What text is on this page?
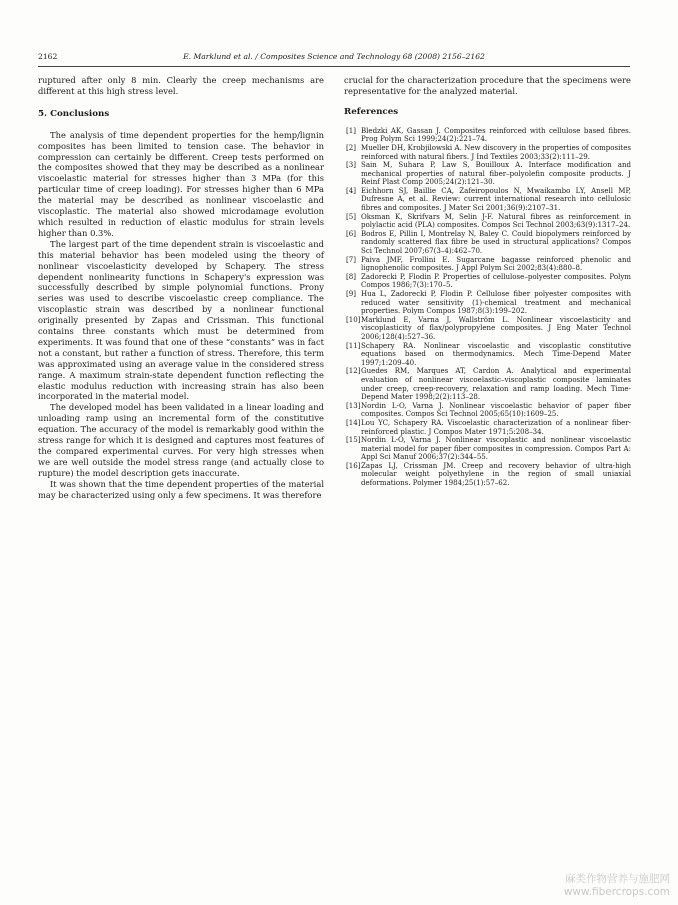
2162	E. Marklund et al. / Composites Science and Technology 68 (2008) 2156–2162

ruptured after only 8 min. Clearly the creep mechanisms are different at this high stress level.

5. Conclusions

The analysis of time dependent properties for the hemp/lignin composites has been limited to tension case. The behavior in compression can certainly be different. Creep tests performed on the composites showed that they may be described as a nonlinear viscoelastic material for stresses higher than 3 MPa (for this particular time of creep loading). For stresses higher than 6 MPa the material may be described as nonlinear viscoelastic and viscoplastic. The material also showed microdamage evolution which resulted in reduction of elastic modulus for strain levels higher than 0.3%.

The largest part of the time dependent strain is viscoelastic and this material behavior has been modeled using the theory of nonlinear viscoelasticity developed by Schapery. The stress dependent nonlinearity functions in Schapery's expression was successfully described by simple polynomial functions. Prony series was used to describe viscoelastic creep compliance. The viscoplastic strain was described by a nonlinear functional originally presented by Zapas and Crissman. This functional contains three constants which must be determined from experiments. It was found that one of these “constants” was in fact not a constant, but rather a function of stress. Therefore, this term was approximated using an average value in the considered stress range. A maximum strain-state dependent function reflecting the elastic modulus reduction with increasing strain has also been incorporated in the material model.

The developed model has been validated in a linear loading and unloading ramp using an incremental form of the constitutive equation. The accuracy of the model is remarkably good within the stress range for which it is designed and captures most features of the compared experimental curves. For very high stresses when we are well outside the model stress range (and actually close to rupture) the model description gets inaccurate.

It was shown that the time dependent properties of the material may be characterized using only a few specimens. It was therefore

crucial for the characterization procedure that the specimens were representative for the analyzed material.

References
[1] Bledzki AK, Gassan J. Composites reinforced with cellulose based fibres. Prog Polym Sci 1999;24(2):221–74.
[2] Mueller DH, Krobjilowski A. New discovery in the properties of composites reinforced with natural fibers. J Ind Textiles 2003;33(2):111–29.
[3] Sain M, Suhara P, Law S, Bouilloux A. Interface modification and mechanical properties of natural fiber–polyolefin composite products. J Reinf Plast Comp 2005;24(2):121–30.
[4] Eichhorn SJ, Baillie CA, Zafeiropoulos N, Mwaikambo LY, Ansell MP, Dufresne A, et al. Review: current international research into cellulosic fibres and composites. J Mater Sci 2001;36(9):2107–31.
[5] Oksman K, Skrifvars M, Selin J-F. Natural fibres as reinforcement in polylactic acid (PLA) composites. Compos Sci Technol 2003;63(9):1317–24.
[6] Bodros E, Pillin I, Montrelay N, Baley C. Could biopolymers reinforced by randomly scattered flax fibre be used in structural applications? Compos Sci Technol 2007;67(3–4):462–70.
[7] Paiva JMF, Frollini E. Sugarcane bagasse reinforced phenolic and lignophenolic composites. J Appl Polym Sci 2002;83(4):880–8.
[8] Zadorecki P, Flodin P. Properties of cellulose–polyester composites. Polym Compos 1986;7(3):170–5.
[9] Hua L, Zadorecki P, Flodin P. Cellulose fiber polyester composites with reduced water sensitivity (1)-chemical treatment and mechanical properties. Polym Compos 1987;8(3):199–202.
[10] Marklund E, Varna J, Wallström L. Nonlinear viscoelasticity and viscoplasticity of flax/polypropylene composites. J Eng Mater Technol 2006;128(4):527–36.
[11] Schapery RA. Nonlinear viscoelastic and viscoplastic constitutive equations based on thermodynamics. Mech Time-Depend Mater 1997;1:209–40.
[12] Guedes RM, Marques AT, Cardon A. Analytical and experimental evaluation of nonlinear viscoelastic–viscoplastic composite laminates under creep, creep-recovery, relaxation and ramp loading. Mech Time-Depend Mater 1998;2(2):113–28.
[13] Nordin L-O, Varna J. Nonlinear viscoelastic behavior of paper fiber composites. Compos Sci Technol 2005;65(10):1609–25.
[14] Lou YC, Schapery RA. Viscoelastic characterization of a nonlinear fiber-reinforced plastic. J Compos Mater 1971;5:208–34.
[15] Nordin L-O, Varna J. Nonlinear viscoplastic and nonlinear viscoelastic material model for paper fiber composites in compression. Compos Part A: Appl Sci Manuf 2006;37(2):344–55.
[16] Zapas LJ, Crissman JM. Creep and recovery behavior of ultra-high molecular weight polyethylene in the region of small uniaxial deformations. Polymer 1984;25(1):57–62.
麻类作物营养与施肥网
www.fibercrops.com
